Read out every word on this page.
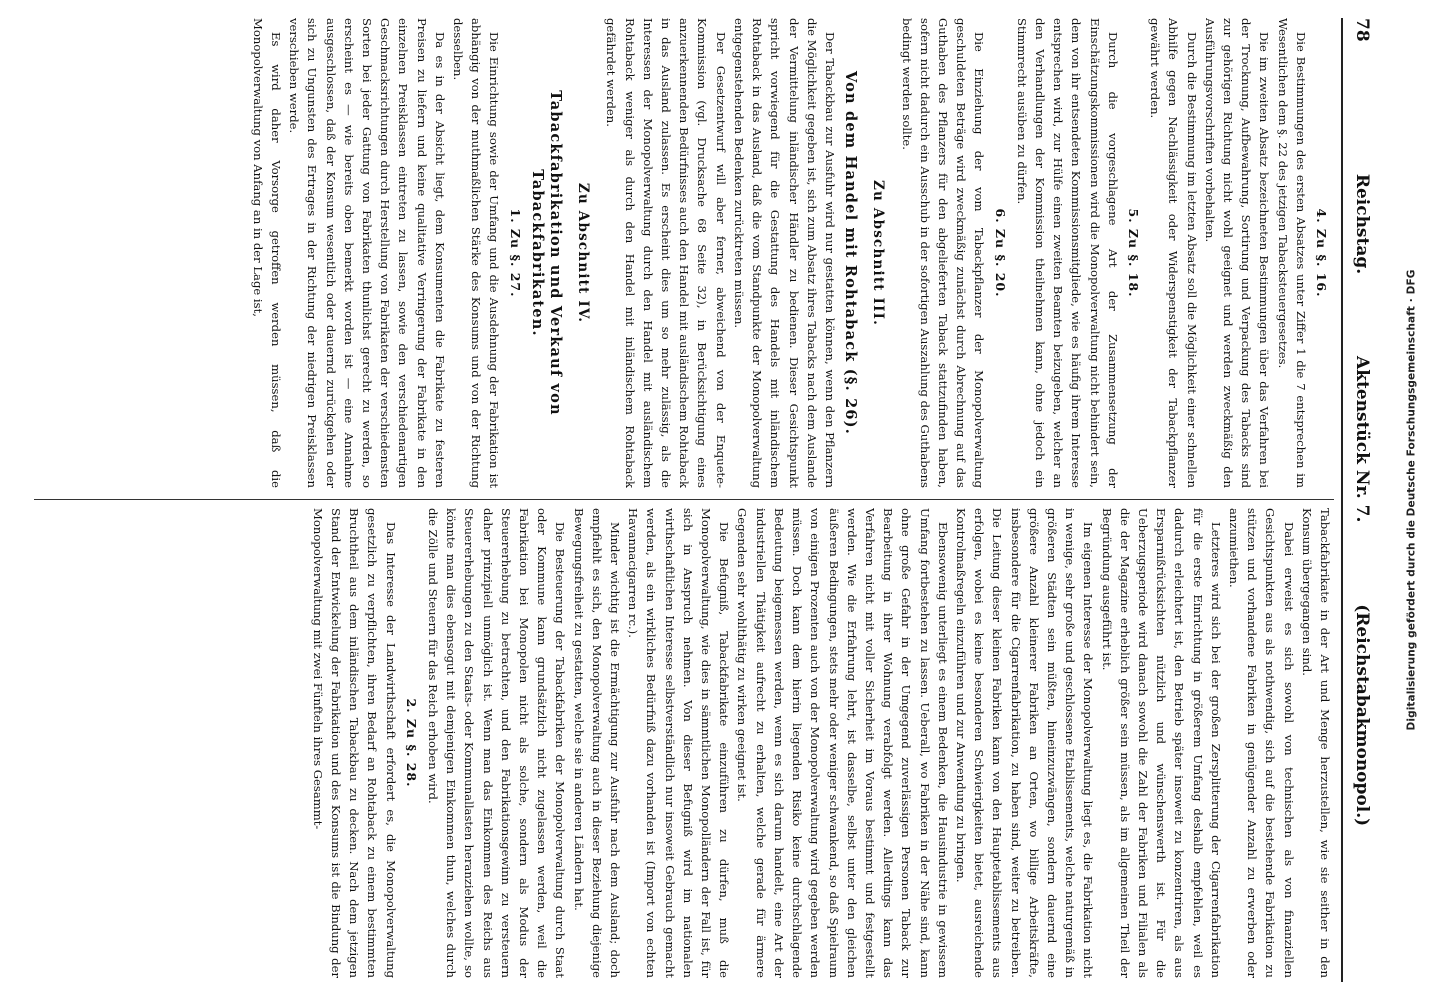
Digitalisierung gefördert durch die Deutsche Forschungsgemeinschaft · DFG
78
Reichstag.  Aktenstück Nr. 7.  (Reichstabakmonopol.)
4. Zu §. 16.

Die Bestimmungen des ersten Absatzes unter Ziffer 1 die 7 entsprechen im Wesentlichen dem §. 22 des jetzigen Tabacksteuergesetzes.

Die im zweiten Absatz bezeichneten Bestimmungen über das Verfahren bei der Trocknung, Aufbewahrung, Sortirung und Verpackung des Tabacks sind zur gehörigen Richtung nicht wohl geeignet und werden zweckmäßig den Ausführungsvorschriften vorbehalten.

Durch die Bestimmung im letzten Absatz soll die Möglichkeit einer schnellen Abhilfe gegen Nachlässigkeit oder Widerspenstigkeit der Tabackpflanzer gewährt werden.

5. Zu §. 18.

Durch die vorgeschlagene Art der Zusammensetzung der Einschätzungskommissionen wird die Monopolverwaltung nicht behindert sein, dem von ihr entsendeten Kommissionsmitgliede, wie es häufig ihrem Interesse entsprechen wird, zur Hülfe einen zweiten Beamten beizugeben, welcher an den Verhandlungen der Kommission theilnehmen kann, ohne jedoch ein Stimmrecht ausüben zu dürfen.

6. Zu §. 20.

Die Einziehung der vom Tabackpflanzer der Monopolverwaltung geschuldeten Beträge wird zweckmäßig zunächst durch Abrechnung auf das Guthaben des Pflanzers für den abgelieferten Taback stattzufinden haben, sofern nicht dadurch ein Ausschub in der sofortigen Auszahlung des Guthabens bedingt werden sollte.

Zu Abschnitt III.
Von dem Handel mit Rohtaback (§. 26).

Der Tabackbau zur Ausfuhr wird nur gestatten können, wenn den Pflanzern die Möglichkeit gegeben ist, sich zum Absatz ihres Tabacks nach dem Auslande der Vermittelung inländischer Händler zu bedienen. Dieser Gesichtspunkt spricht vorwiegend für die Gestattung des Handels mit inländischem Rohtaback in das Ausland, daß die vom Standpunkte der Monopolverwaltung entgegenstehenden Bedenken zurücktreten müssen.

Der Gesetzentwurf will aber ferner, abweichend von der Enquete-Kommission (vgl. Drucksache 68 Seite 32), in Berücksichtigung eines anzuerkennenden Bedürfnisses auch den Handel mit ausländischem Rohtaback in das Ausland zulassen. Es erscheint dies um so mehr zulässig, als die Interessen der Monopolverwaltung durch den Handel mit ausländischem Rohtaback weniger als durch den Handel mit inländischem Rohtaback gefährdet werden.

Zu Abschnitt IV.
Tabackfabrikation und Verkauf von Tabackfabrikaten.
1. Zu §. 27.

Die Einrichtung sowie der Umfang und die Ausdehnung der Fabrikation ist abhängig von der muthmaßlichen Stärke des Konsums und von der Richtung desselben.

Da es in der Absicht liegt, dem Konsumenten die Fabrikate zu festeren Preisen zu liefern und keine qualitative Verringerung der Fabrikate in den einzelnen Preisklassen eintreten zu lassen, sowie den verschiedenartigen Geschmacksrichtungen durch Herstellung von Fabrikaten der verschiedensten Sorten bei jeder Gattung von Fabrikaten thunlichst gerecht zu werden, so erscheint es — wie bereits oben bemerkt worden ist — eine Annahme ausgeschlossen, daß der Konsum wesentlich oder dauernd zurückgehen oder sich zu Ungunsten des Ertrages in der Richtung der niedrigen Preisklassen verschieben werde.

Es wird daher Vorsorge getroffen werden müssen, daß die Monopolverwaltung von Anfang an in der Lage ist,

Tabackfabrikate in der Art und Menge herzustellen, wie sie seither in den Konsum übergegangen sind.

Dabei erweist es sich sowohl von technischen als von finanziellen Gesichtspunkten aus als nothwendig, sich auf die bestehende Fabrikation zu stützen und vorhandene Fabriken in genügender Anzahl zu erwerben oder anzumiethen.

Letzteres wird sich bei der großen Zersplitterung der Cigarrenfabrikation für die erste Einrichtung in größerem Umfang deshalb empfehlen, weil es dadurch erleichtert ist, den Betrieb später insoweit zu konzentriren, als aus Ersparnißrücksichten nützlich und wünschenswerth ist. Für die Ueberzugsperiode wird danach sowohl die Zahl der Fabriken und Filialen als die der Magazine erheblich größer sein müssen, als im allgemeinen Theil der Begründung ausgeführt ist.

Im eigenen Interesse der Monopolverwaltung liegt es, die Fabrikation nicht in wenige, sehr große und geschlossene Etablissements, welche naturgemäß in größeren Städten sein müßten, hineinzuzwängen, sondern dauernd eine größere Anzahl kleinerer Fabriken an Orten, wo billige Arbeitskräfte, insbesondere für die Cigarrenfabrikation, zu haben sind, weiter zu betreiben. Die Leitung dieser kleinen Fabriken kann von den Hauptetablissements aus erfolgen, wobei es keine besonderen Schwierigkeiten bietet, ausreichende Kontrolmaßregeln einzuführen und zur Anwendung zu bringen.

Ebensowenig unterliegt es einem Bedenken, die Hausindustrie in gewissem Umfang fortbestehen zu lassen. Ueberall, wo Fabriken in der Nähe sind, kann ohne große Gefahr in der Umgegend zuverlässigen Personen Taback zur Bearbeitung in ihrer Wohnung verabfolgt werden. Allerdings kann das Verfahren nicht mit voller Sicherheit im Voraus bestimmt und festgestellt werden. Wie die Erfahrung lehrt, ist dasselbe, selbst unter den gleichen äußeren Bedingungen, stets mehr oder weniger schwankend, so daß Spielraum von einigen Prozenten auch von der Monopolverwaltung wird gegeben werden müssen. Doch kann dem hierin liegenden Risiko keine durchschlagende Bedeutung beigemessen werden, wenn es sich darum handelt, eine Art der industriellen Thätigkeit aufrecht zu erhalten, welche gerade für ärmere Gegenden sehr wohlthätig zu wirken geeignet ist.

Die Befugniß, Tabackfabrikate einzuführen zu dürfen, muß die Monopolverwaltung, wie dies in sämmtlichen Monopolländern der Fall ist, für sich in Anspruch nehmen. Von dieser Befugniß wird im nationalen wirthschaftlichen Interesse selbstverständlich nur insoweit Gebrauch gemacht werden, als ein wirkliches Bedürfniß dazu vorhanden ist (Import von echten Havannacigarren rc.).

Minder wichtig ist die Ermächtigung zur Ausfuhr nach dem Ausland; doch empfiehlt es sich, den Monopolverwaltung auch in dieser Beziehung diejenige Bewegungsfreiheit zu gestatten, welche sie in anderen Ländern hat.

Die Besteuerung der Tabackfabriken der Monopolverwaltung durch Staat oder Kommune kann grundsätzlich nicht zugelassen werden, weil die Fabrikation bei Monopolen nicht als solche, sondern als Modus der Steuererhebung zu betrachten, und den Fabrikationsgewinn zu versteuern daher prinzipiell unmöglich ist. Wenn man das Einkommen des Reichs aus Steuererhebungen zu den Staats- oder Kommunallasten heranziehen wollte, so könnte man dies ebensogut mit demjenigen Einkommen thun, welches durch die Zölle und Steuern für das Reich erhoben wird.

2. Zu §. 28.

Das Interesse der Landwirthschaft erfordert es, die Monopolverwaltung gesetzlich zu verpflichten, ihren Bedarf an Rohtaback zu einem bestimmten Bruchtheil aus dem inländischen Tabackbau zu decken. Nach dem jetzigen Stand der Entwickelung der Fabrikation und des Konsums ist die Bindung der Monopolverwaltung mit zwei Fünfteln ihres Gesammt-
